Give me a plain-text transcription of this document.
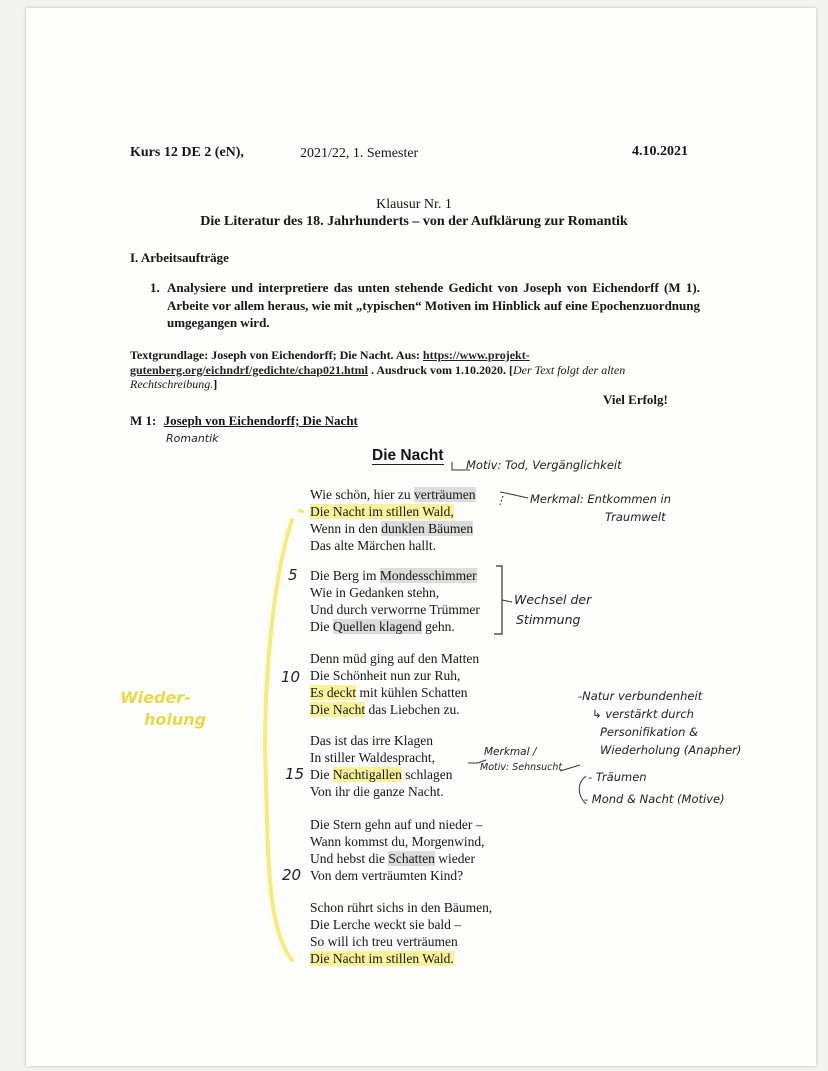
Kurs 12 DE 2 (eN),	2021/22, 1. Semester	4.10.2021
Klausur Nr. 1
Die Literatur des 18. Jahrhunderts – von der Aufklärung zur Romantik
I. Arbeitsaufträge
1. Analysiere und interpretiere das unten stehende Gedicht von Joseph von Eichendorff (M 1). Arbeite vor allem heraus, wie mit „typischen“ Motiven im Hinblick auf eine Epochenzuordnung umgegangen wird.
Textgrundlage: Joseph von Eichendorff; Die Nacht. Aus: https://www.projekt-
gutenberg.org/eichndrf/gedichte/chap021.html . Ausdruck vom 1.10.2020. [Der Text folgt der alten Rechtschreibung.]
Viel Erfolg!
M 1: Joseph von Eichendorff; Die Nacht
Romantik
Die Nacht
Wie schön, hier zu verträumen
Die Nacht im stillen Wald,
Wenn in den dunklen Bäumen
Das alte Märchen hallt.
Die Berg im Mondesschimmer
Wie in Gedanken stehn,
Und durch verworrne Trümmer
Die Quellen klagend gehn.
Denn müd ging auf den Matten
Die Schönheit nun zur Ruh,
Es deckt mit kühlen Schatten
Die Nacht das Liebchen zu.
Das ist das irre Klagen
In stiller Waldespracht,
Die Nachtigallen schlagen
Von ihr die ganze Nacht.
Die Stern gehn auf und nieder –
Wann kommst du, Morgenwind,
Und hebst die Schatten wieder
Von dem verträumten Kind?
Schon rührt sichs in den Bäumen,
Die Lerche weckt sie bald –
So will ich treu verträumen
Die Nacht im stillen Wald.
5
10
15
20
Motiv: Tod, Vergänglichkeit
Merkmal: Entkommen in
Traumwelt
Wechsel der
Stimmung
Wieder-
holung
-Natur verbundenheit
↳ verstärkt durch
Personifikation &
Wiederholung (Anapher)
- Träumen
- Mond & Nacht (Motive)
Merkmal /
Motiv: Sehnsucht
